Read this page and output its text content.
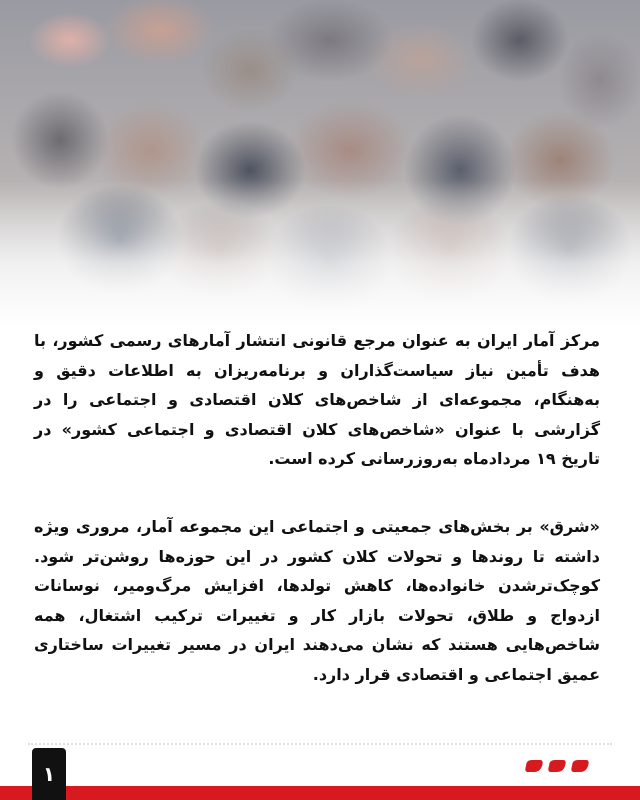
مرکز آمار ایران به عنوان مرجع قانونی انتشار آمارهای رسمی کشور، با هدف تأمین نیاز سیاست‌گذاران و برنامه‌ریزان به اطلاعات دقیق و به‌هنگام، مجموعه‌ای از شاخص‌های کلان اقتصادی و اجتماعی را در گزارشی با عنوان «شاخص‌های کلان اقتصادی و اجتماعی کشور» در تاریخ ۱۹ مردادماه به‌روزرسانی کرده است.

«شرق» بر بخش‌های جمعیتی و اجتماعی این مجموعه آمار، مروری ویژه داشته تا روندها و تحولات کلان کشور در این حوزه‌ها روشن‌تر شود. کوچک‌ترشدن خانواده‌ها، کاهش تولدها، افزایش مرگ‌ومیر، نوسانات ازدواج و طلاق، تحولات بازار کار و تغییرات ترکیب اشتغال، همه شاخص‌هایی هستند که نشان می‌دهند ایران در مسیر تغییرات ساختاری عمیق اجتماعی و اقتصادی قرار دارد.

۱
